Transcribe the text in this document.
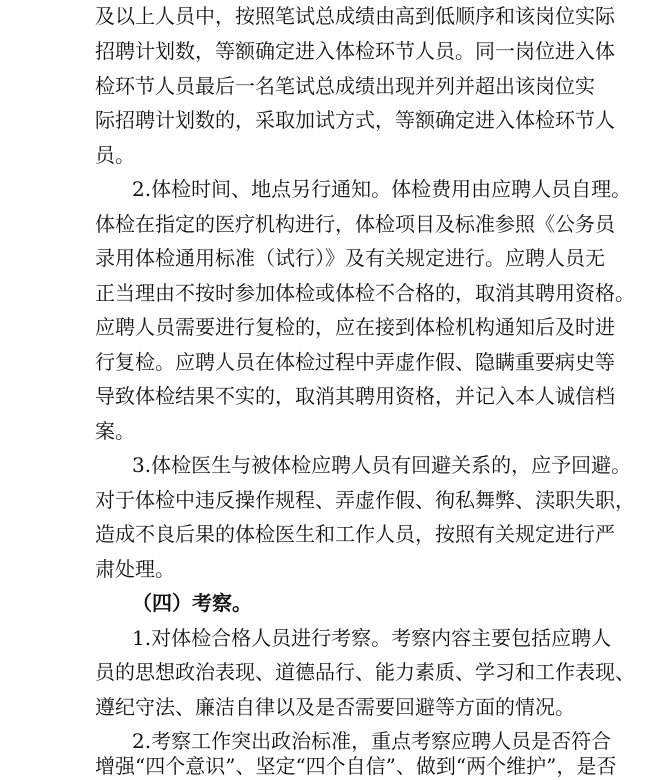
及以上人员中，按照笔试总成绩由高到低顺序和该岗位实际
招聘计划数，等额确定进入体检环节人员。同一岗位进入体
检环节人员最后一名笔试总成绩出现并列并超出该岗位实
际招聘计划数的，采取加试方式，等额确定进入体检环节人
员。
2.体检时间、地点另行通知。体检费用由应聘人员自理。
体检在指定的医疗机构进行，体检项目及标准参照《公务员
录用体检通用标准（试行）》及有关规定进行。应聘人员无
正当理由不按时参加体检或体检不合格的，取消其聘用资格。
应聘人员需要进行复检的，应在接到体检机构通知后及时进
行复检。应聘人员在体检过程中弄虚作假、隐瞒重要病史等
导致体检结果不实的，取消其聘用资格，并记入本人诚信档
案。
3.体检医生与被体检应聘人员有回避关系的，应予回避。
对于体检中违反操作规程、弄虚作假、徇私舞弊、渎职失职，
造成不良后果的体检医生和工作人员，按照有关规定进行严
肃处理。
（四）考察。
1.对体检合格人员进行考察。考察内容主要包括应聘人
员的思想政治表现、道德品行、能力素质、学习和工作表现、
遵纪守法、廉洁自律以及是否需要回避等方面的情况。
2.考察工作突出政治标准，重点考察应聘人员是否符合
增强“四个意识”、坚定“四个自信”、做到“两个维护”，是否
